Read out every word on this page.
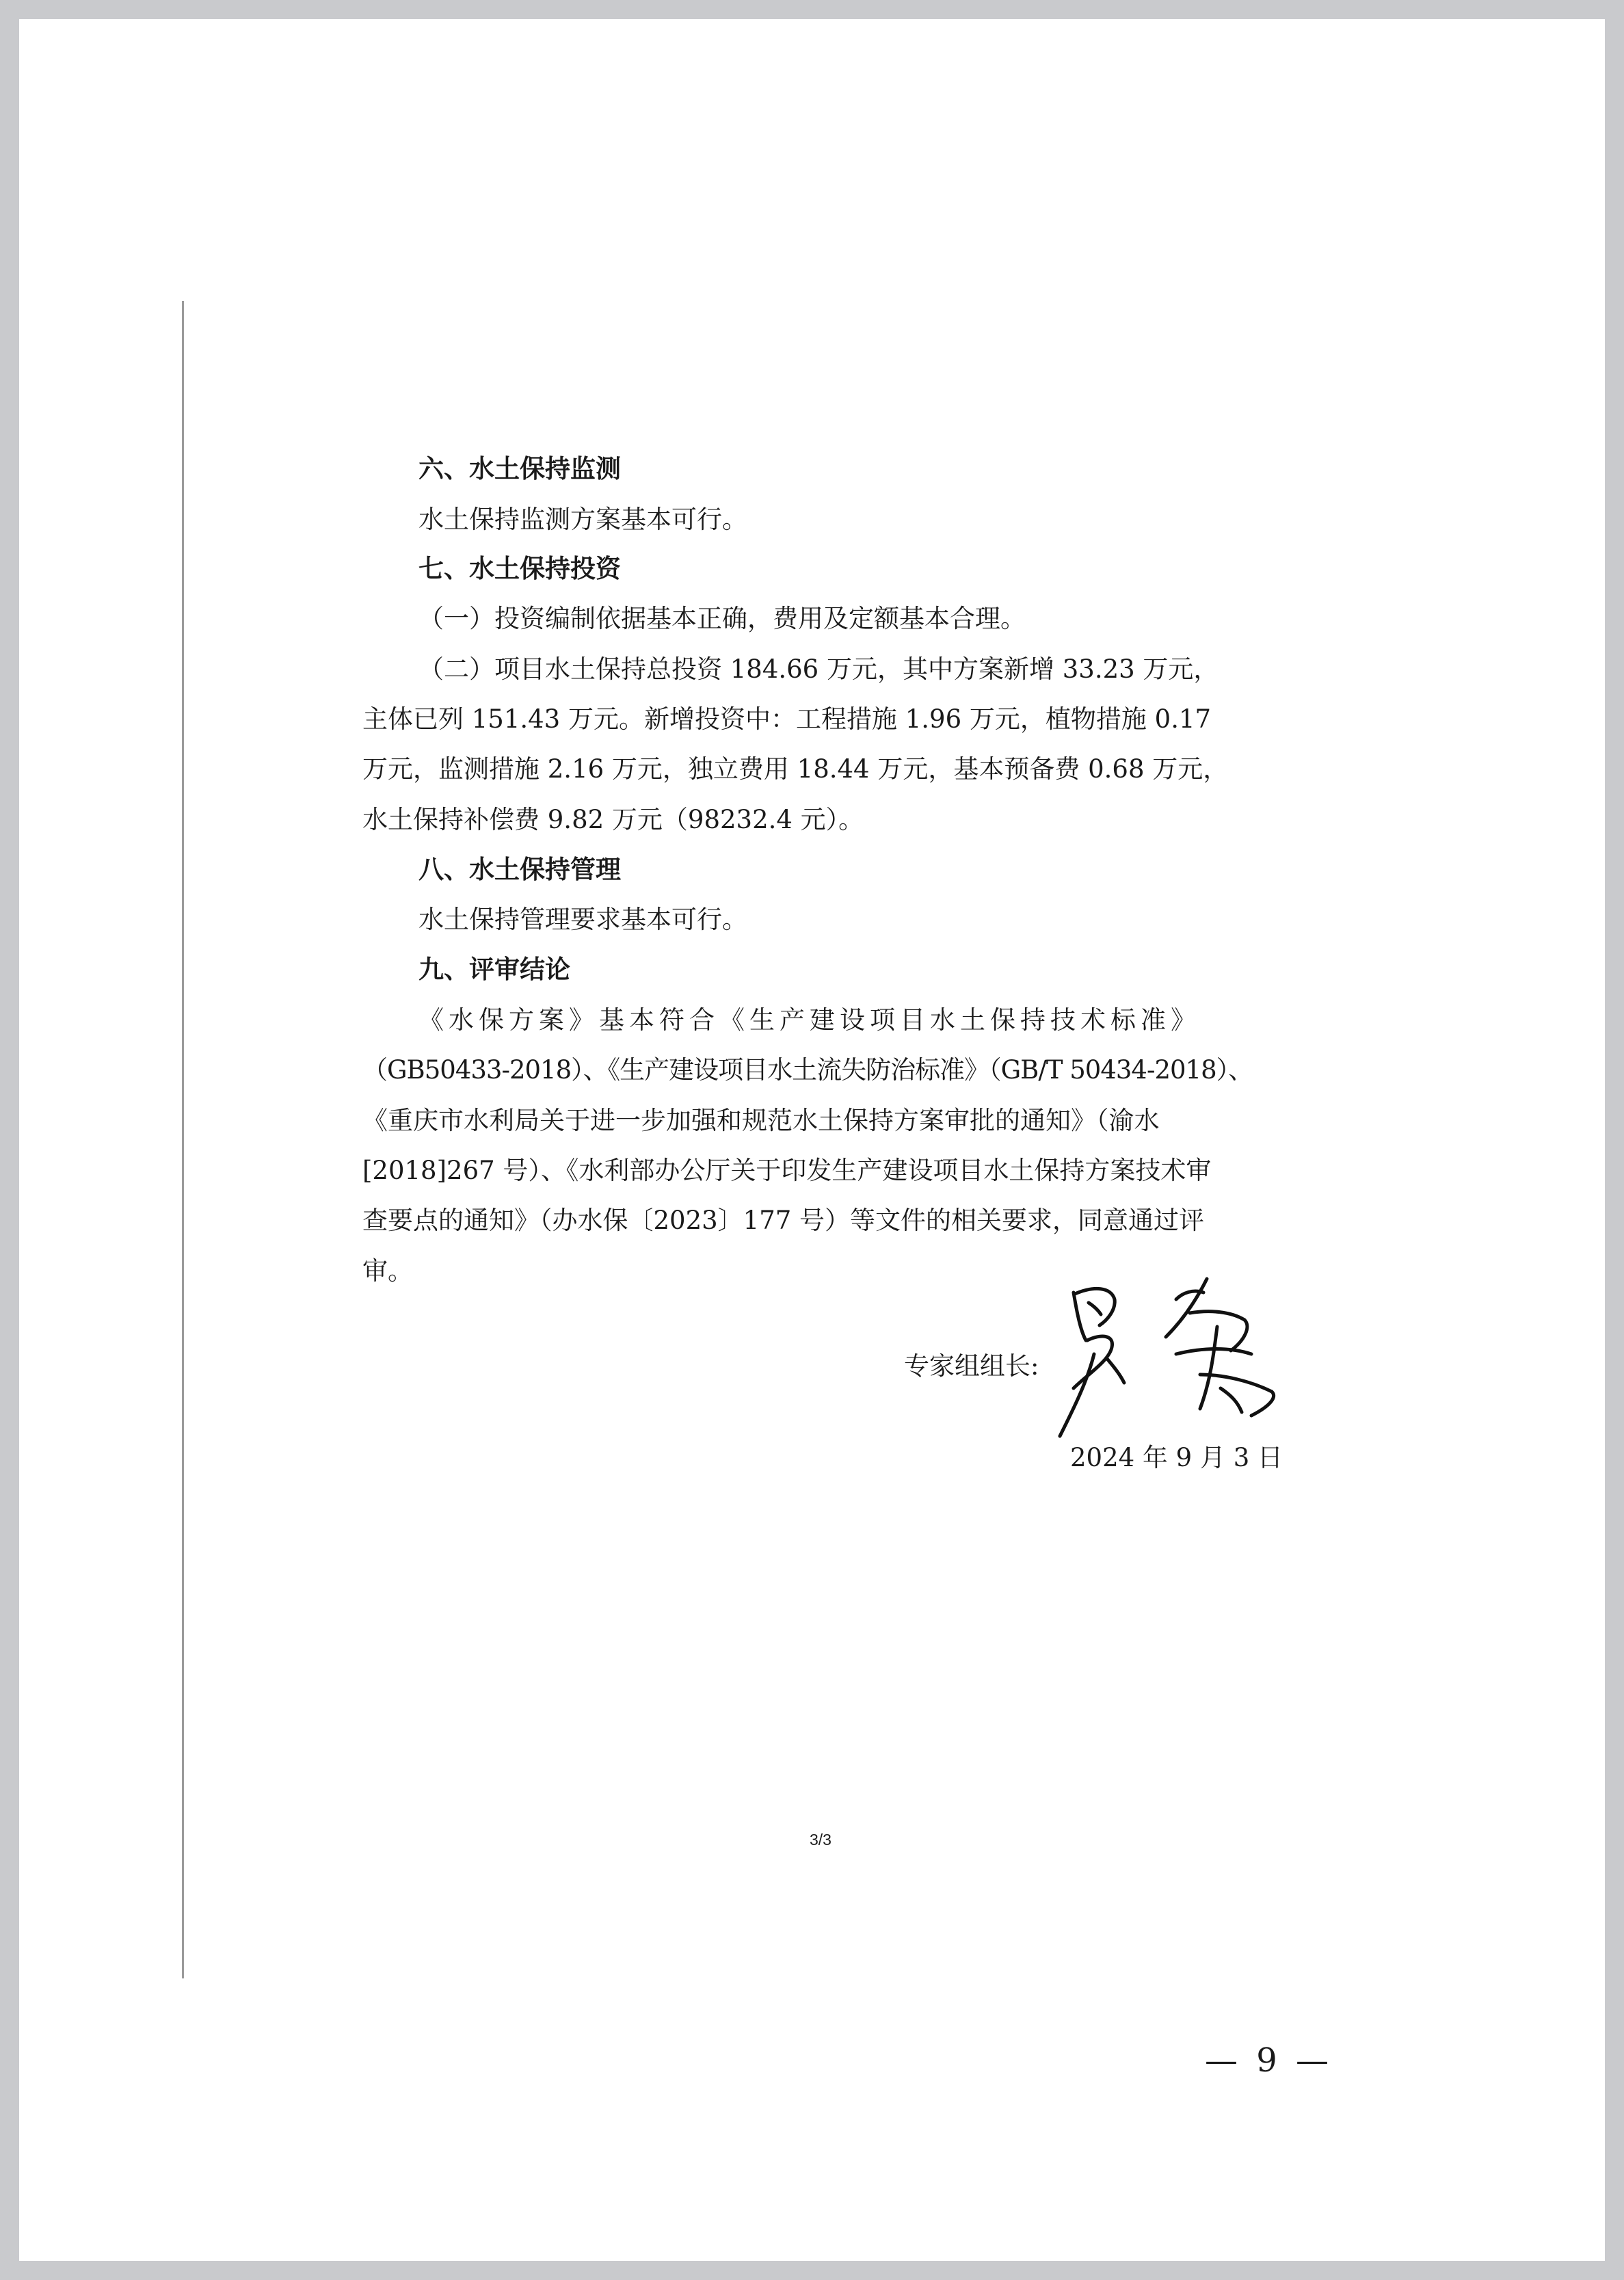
六、水土保持监测
水土保持监测方案基本可行。
七、水土保持投资
（一）投资编制依据基本正确，费用及定额基本合理。
（二）项目水土保持总投资 184.66 万元，其中方案新增 33.23 万元，
主体已列 151.43 万元。新增投资中：工程措施 1.96 万元，植物措施 0.17
万元，监测措施 2.16 万元，独立费用 18.44 万元，基本预备费 0.68 万元，
水土保持补偿费 9.82 万元（98232.4 元）。
八、水土保持管理
水土保持管理要求基本可行。
九、评审结论
《水保方案》基本符合《生产建设项目水土保持技术标准》
（GB50433-2018）、《生产建设项目水土流失防治标准》（GB/T 50434-2018）、
《重庆市水利局关于进一步加强和规范水土保持方案审批的通知》（渝水
[2018]267 号）、《水利部办公厅关于印发生产建设项目水土保持方案技术审
查要点的通知》（办水保〔2023〕177 号）等文件的相关要求，同意通过评
审。
专家组组长:
2024 年 9 月 3 日
3/3
— 9 —
